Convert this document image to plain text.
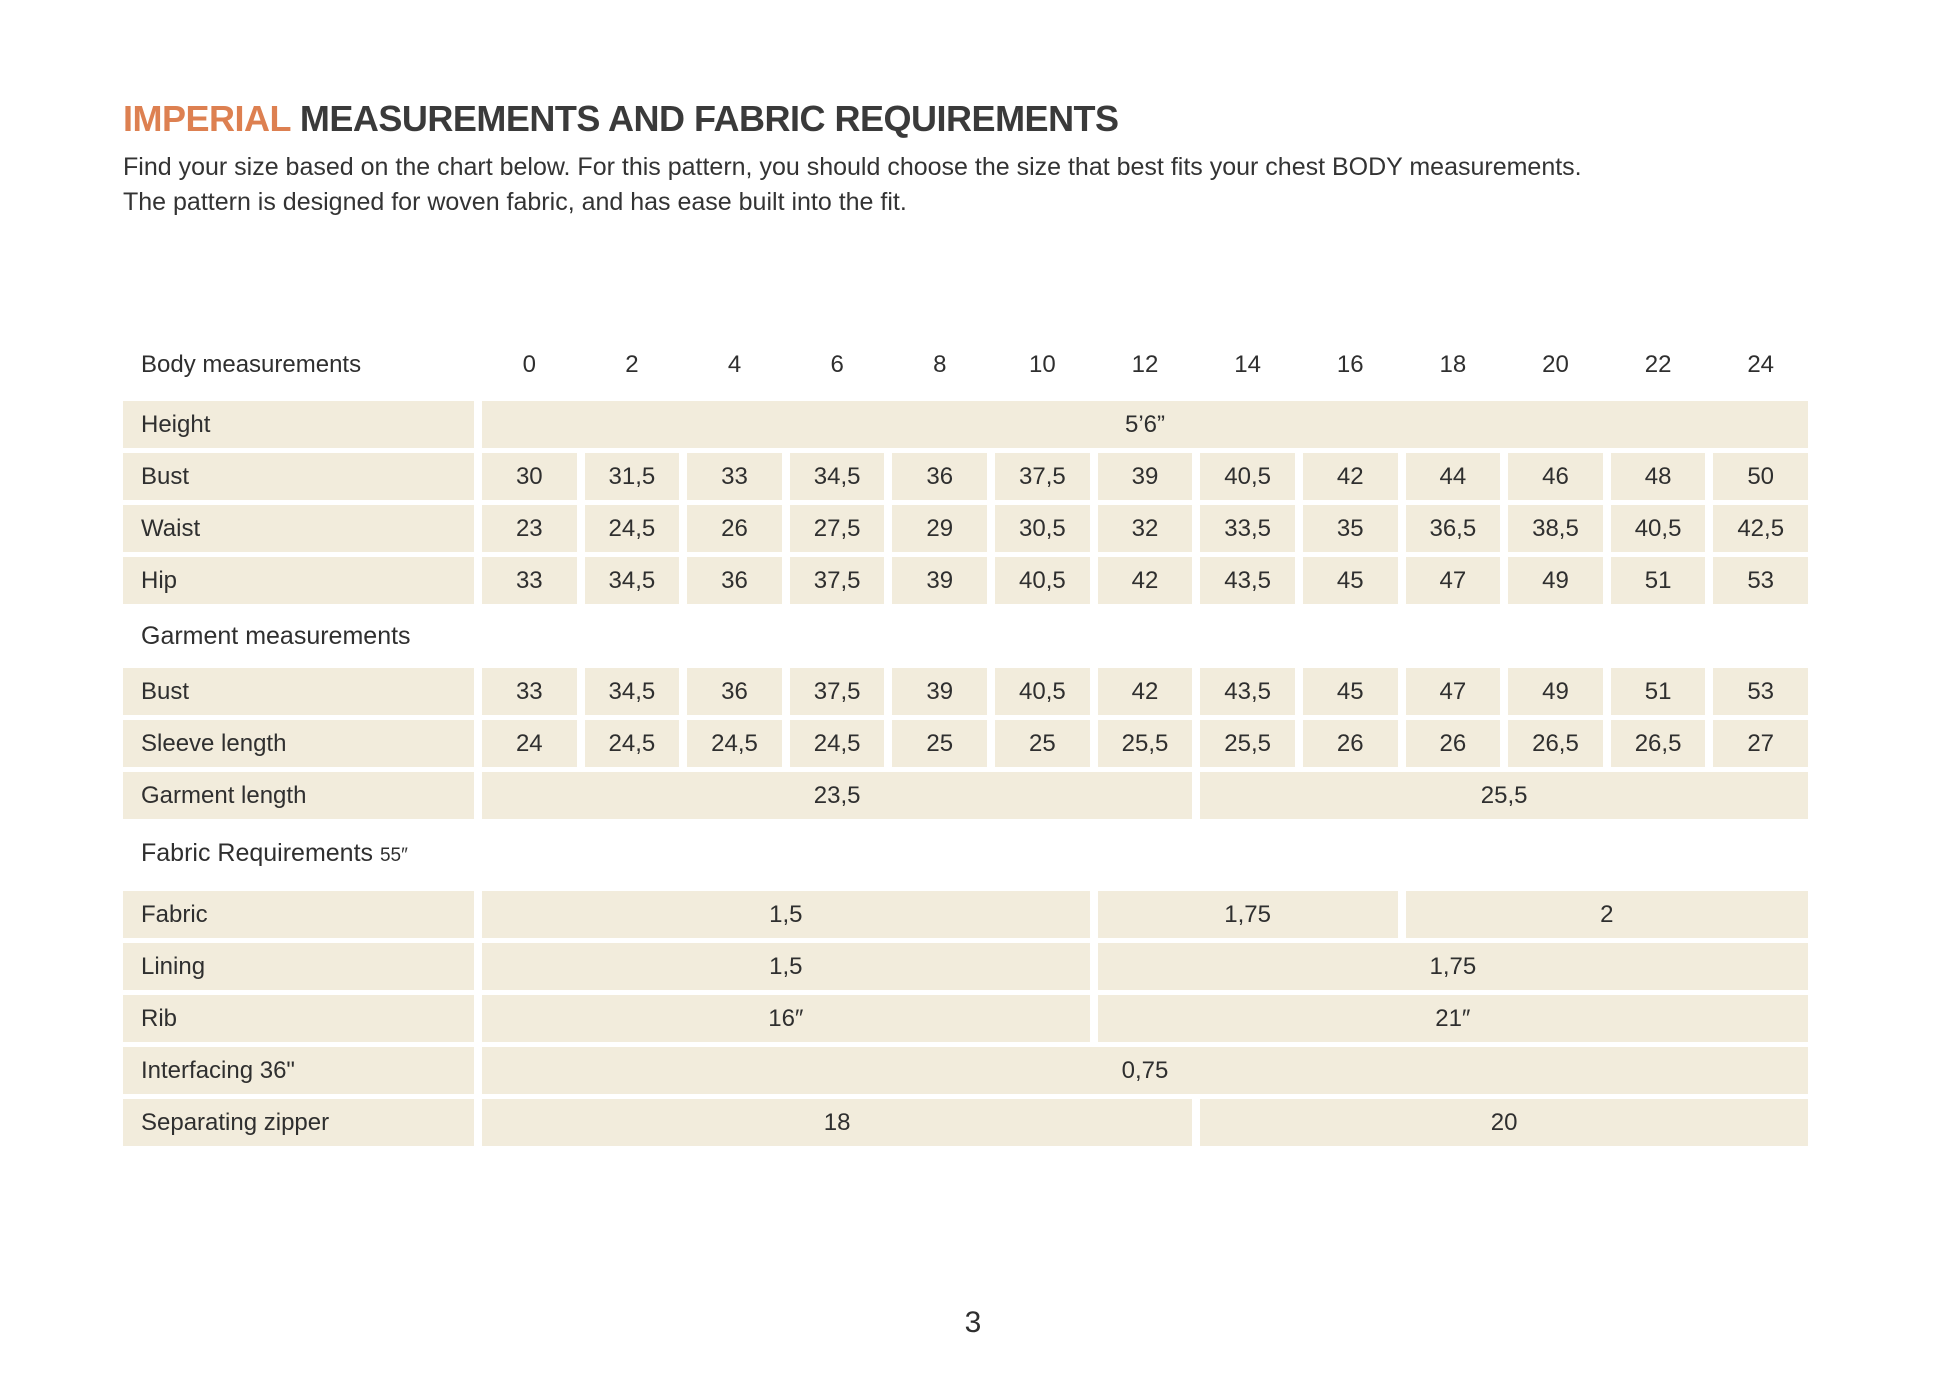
IMPERIAL MEASUREMENTS AND FABRIC REQUIREMENTS

Find your size based on the chart below. For this pattern, you should choose the size that best fits your chest BODY measurements.
The pattern is designed for woven fabric, and has ease built into the fit.

Body measurements	0	2	4	6	8	10	12	14	16	18	20	22	24
Height	5’6”
Bust	30	31,5	33	34,5	36	37,5	39	40,5	42	44	46	48	50
Waist	23	24,5	26	27,5	29	30,5	32	33,5	35	36,5	38,5	40,5	42,5
Hip	33	34,5	36	37,5	39	40,5	42	43,5	45	47	49	51	53
Garment measurements
Bust	33	34,5	36	37,5	39	40,5	42	43,5	45	47	49	51	53
Sleeve length	24	24,5	24,5	24,5	25	25	25,5	25,5	26	26	26,5	26,5	27
Garment length	23,5	25,5
Fabric Requirements 55″
Fabric	1,5	1,75	2
Lining	1,5	1,75
Rib	16″	21″
Interfacing 36"	0,75
Separating zipper	18	20
3
